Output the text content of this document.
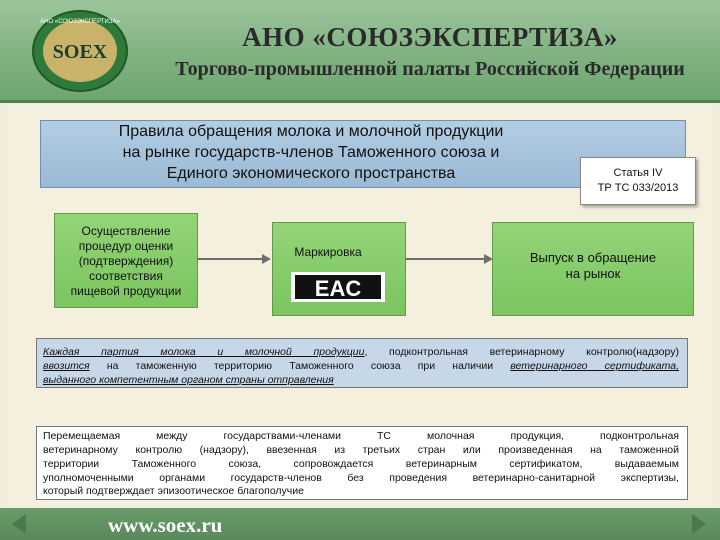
SOEX
АНО «СОЮЗЭКСПЕРТИЗА»	АНО «СОЮЗЭКСПЕРТИЗА»
Торгово-промышленной палаты Российской Федерации
Правила обращения молока и молочной продукции
на рынке государств-членов Таможенного союза и
Единого экономического пространства	Статья IV
ТР ТС 033/2013
Осуществление
процедур оценки
(подтверждения)
соответствия
пищевой продукции
Маркировка
EAC
Выпуск в обращение
на рынок
Каждая партия молока и молочной продукции, подконтрольная ветеринарному контролю(надзору)
ввозится на таможенную территорию Таможенного союза при наличии ветеринарного сертификата,
выданного компетентным органом страны отправления
Перемещаемая между государствами-членами ТС молочная продукция, подконтрольная
ветеринарному контролю (надзору), ввезенная из третьих стран или произведенная на таможенной
территории Таможенного союза, сопровождается ветеринарным сертификатом, выдаваемым
уполномоченными органами государств-членов без проведения ветеринарно-санитарной экспертизы,
который подтверждает эпизоотическое благополучие
www.soex.ru
